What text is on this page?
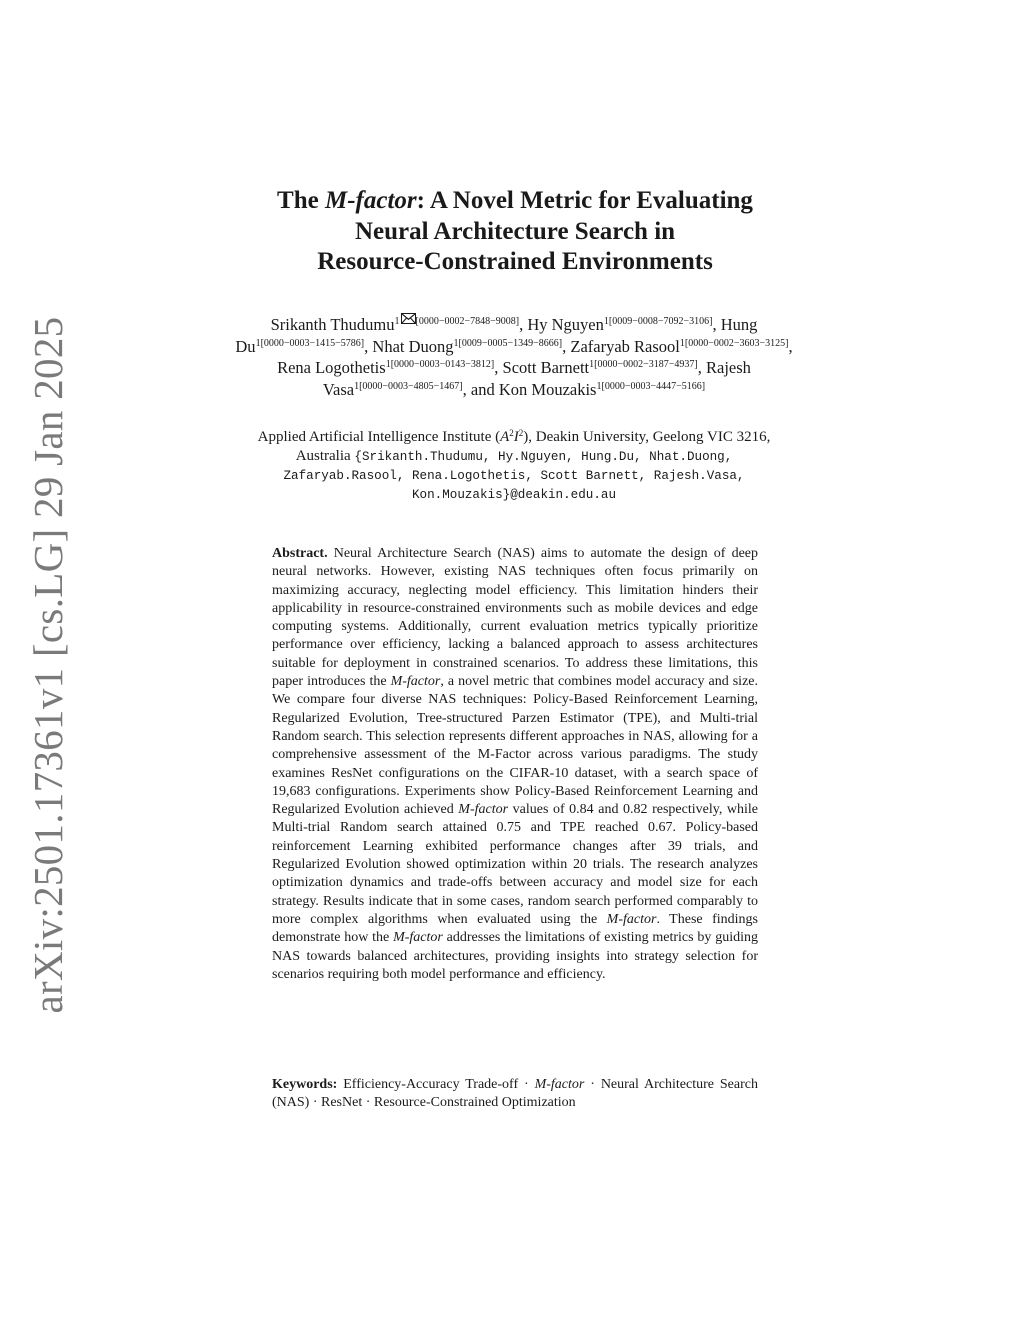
arXiv:2501.17361v1 [cs.LG] 29 Jan 2025
The M-factor: A Novel Metric for Evaluating
Neural Architecture Search in
Resource-Constrained Environments
Srikanth Thudumu$^1$ [0000−0002−7848−9008], Hy Nguyen$^{1[0009-0008-7092-3106]}$, Hung $Du^{1[0000-0003-1415-5786]}$, Nhat Duong$^{1[0009-0005-1349-8666]}$, Zafaryab Rasool$^{1[0000-0002-3603-3125]}$, Rena Logothetis$^{1[0000-0003-0143-3812]}$, Scott Barnett$^{1[0000-0002-3187-4937]}$, Rajesh Vasa$^{1[0000-0003-4805-1467]}$, and Kon Mouzakis$^{1[0000-0003-4447-5166]}$
Applied Artificial Intelligence Institute $(A^2I^2)$, Deakin University, Geelong VIC 3216,
Australia {Srikanth.Thudumu, Hy.Nguyen, Hung.Du, Nhat.Duong,
Zafaryab.Rasool, Rena.Logothetis, Scott Barnett, Rajesh.Vasa,
Kon.Mouzakis}@deakin.edu.au
Abstract. Neural Architecture Search (NAS) aims to automate the design of deep neural networks. However, existing NAS techniques often focus primarily on maximizing accuracy, neglecting model efficiency. This limitation hinders their applicability in resource-constrained environments such as mobile devices and edge computing systems. Additionally, current evaluation metrics typically prioritize performance over efficiency, lacking a balanced approach to assess architectures suitable for deployment in constrained scenarios. To address these limitations, this paper introduces the M-factor, a novel metric that combines model accuracy and size. We compare four diverse NAS techniques: Policy-Based Reinforcement Learning, Regularized Evolution, Tree-structured Parzen Estimator (TPE), and Multi-trial Random search. This selection represents different approaches in NAS, allowing for a comprehensive assessment of the M-Factor across various paradigms. The study examines ResNet configurations on the CIFAR-10 dataset, with a search space of 19,683 configurations. Experiments show Policy-Based Reinforcement Learning and Regularized Evolution achieved M-factor values of 0.84 and 0.82 respectively, while Multi-trial Random search attained 0.75 and TPE reached 0.67. Policy-based reinforcement Learning exhibited performance changes after 39 trials, and Regularized Evolution showed optimization within 20 trials. The research analyzes optimization dynamics and trade-offs between accuracy and model size for each strategy. Results indicate that in some cases, random search performed comparably to more complex algorithms when evaluated using the M-factor. These findings demonstrate how the M-factor addresses the limitations of existing metrics by guiding NAS towards balanced architectures, providing insights into strategy selection for scenarios requiring both model performance and efficiency.
Keywords: Efficiency-Accuracy Trade-off · M-factor · Neural Architecture Search (NAS) · ResNet · Resource-Constrained Optimization
